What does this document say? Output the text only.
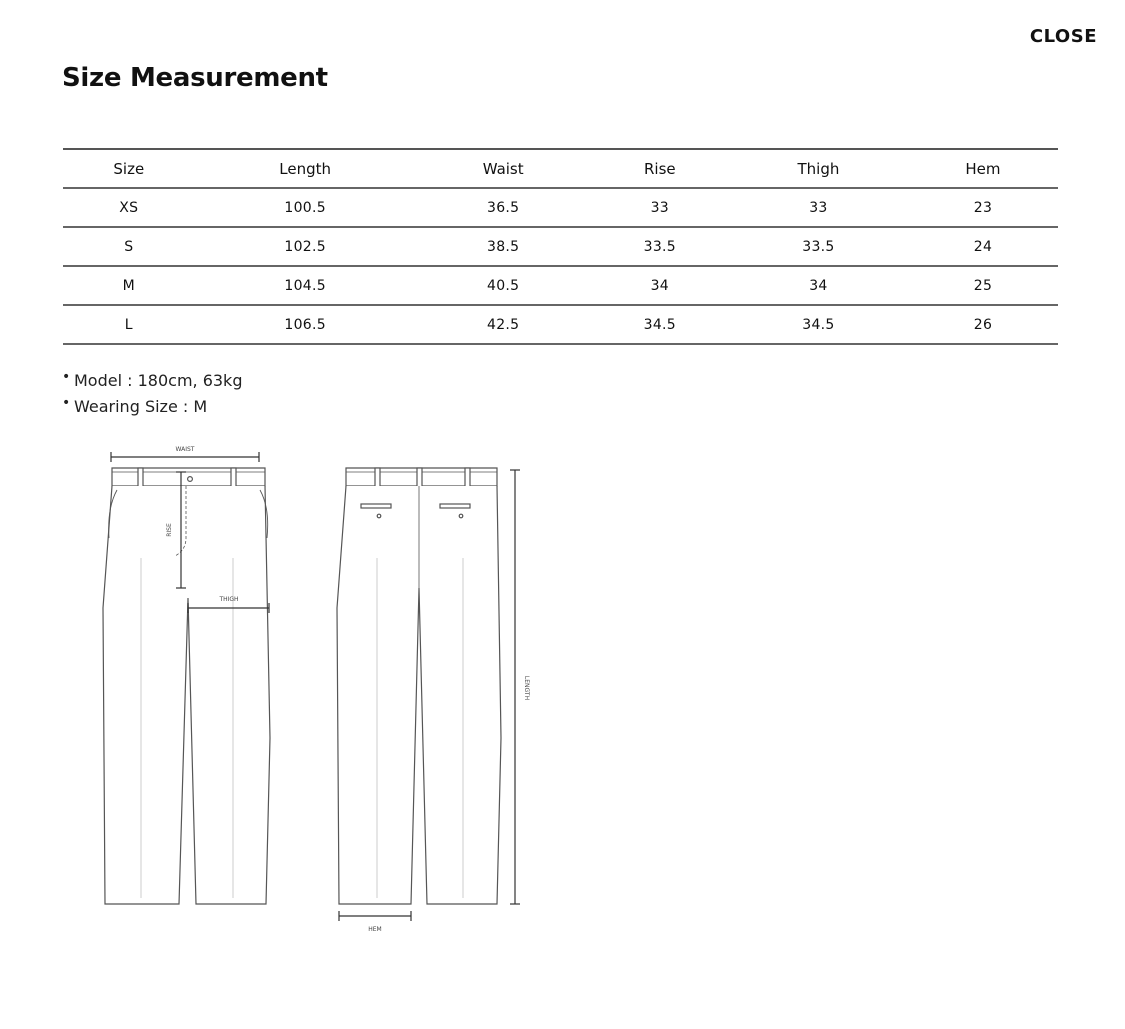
CLOSE
Size Measurement
Size	Length	Waist	Rise	Thigh	Hem
XS	100.5	36.5	33	33	23
S	102.5	38.5	33.5	33.5	24
M	104.5	40.5	34	34	25
L	106.5	42.5	34.5	34.5	26
• Model : 180cm, 63kg
• Wearing Size : M
WAIST
RISE
THIGH
LENGTH
HEM
